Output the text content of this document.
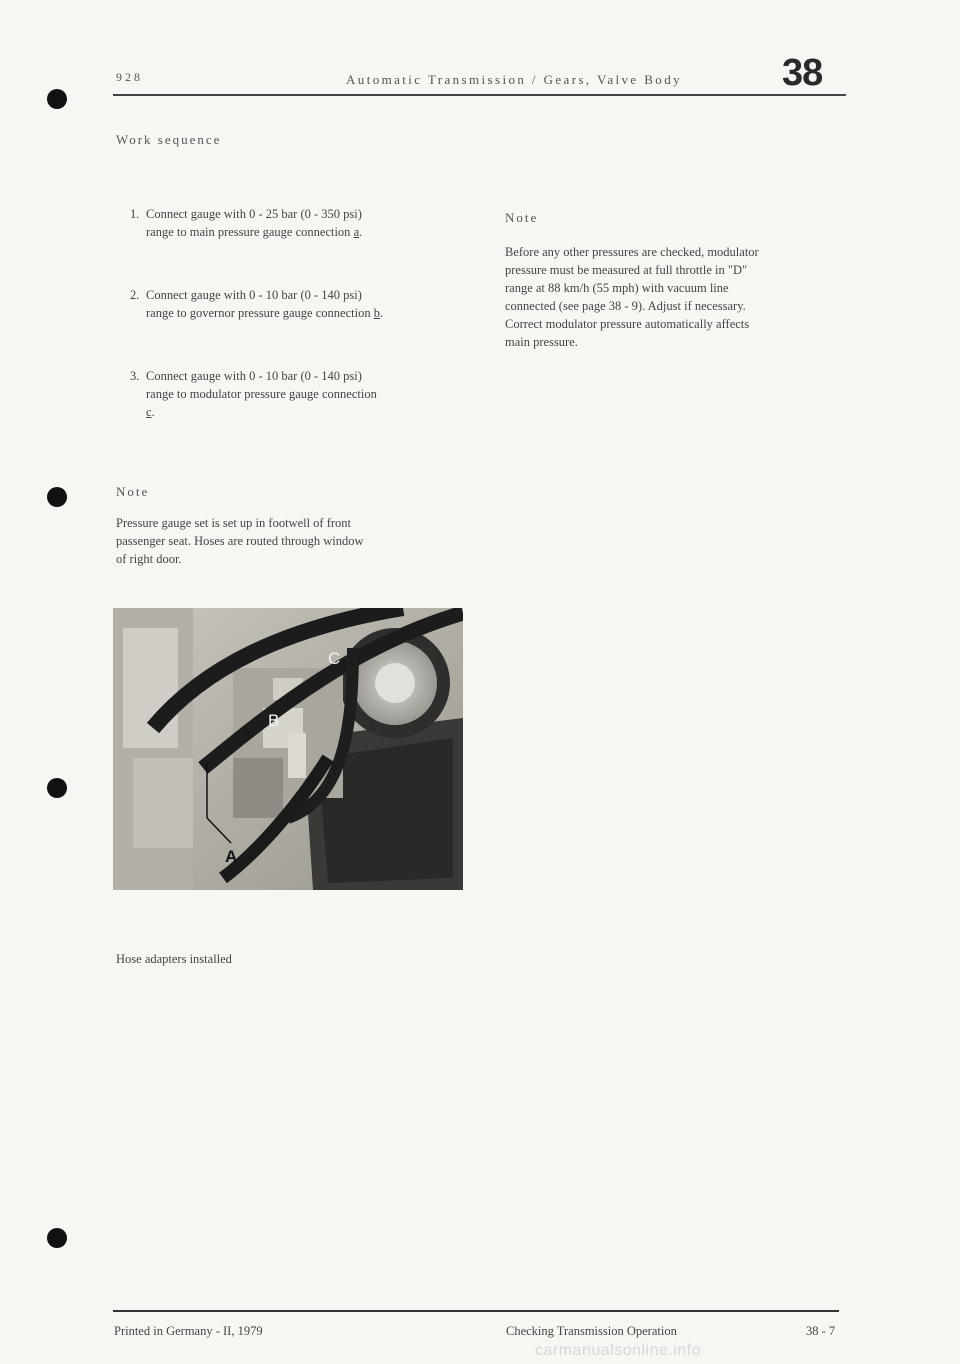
928	Automatic Transmission / Gears, Valve Body	38
Work sequence
1. Connect gauge with 0 - 25 bar (0 - 350 psi)
range to main pressure gauge connection a.
2. Connect gauge with 0 - 10 bar (0 - 140 psi)
range to governor pressure gauge connection b.
3. Connect gauge with 0 - 10 bar (0 - 140 psi)
range to modulator pressure gauge connection
c.
Note
Pressure gauge set is set up in footwell of front
passenger seat. Hoses are routed through window
of right door.
A
B
C
Hose adapters installed
Note
Before any other pressures are checked, modulator
pressure must be measured at full throttle in "D"
range at 88 km/h (55 mph) with vacuum line
connected (see page 38 - 9). Adjust if necessary.
Correct modulator pressure automatically affects
main pressure.
Printed in Germany - II, 1979	Checking Transmission Operation	38 - 7
carmanualsonline.info
